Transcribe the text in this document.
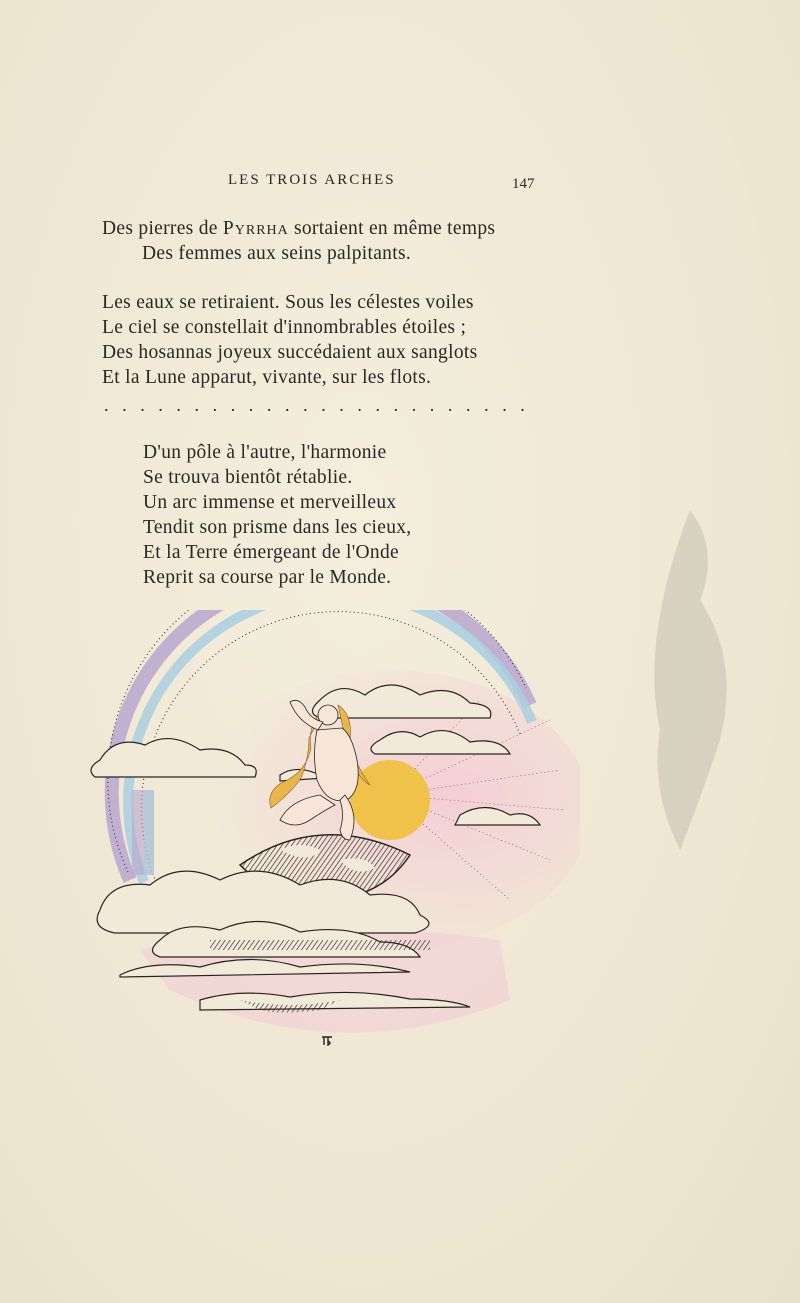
LES TROIS ARCHES	147

Des pierres de Pyrrha sortaient en même temps
Des femmes aux seins palpitants.

Les eaux se retiraient. Sous les célestes voiles
Le ciel se constellait d'innombrables étoiles ;
Des hosannas joyeux succédaient aux sanglots
Et la Lune apparut, vivante, sur les flots.

........................

D'un pôle à l'autre, l'harmonie
Se trouva bientôt rétablie.
Un arc immense et merveilleux
Tendit son prisme dans les cieux,
Et la Terre émergeant de l'Onde
Reprit sa course par le Monde.
